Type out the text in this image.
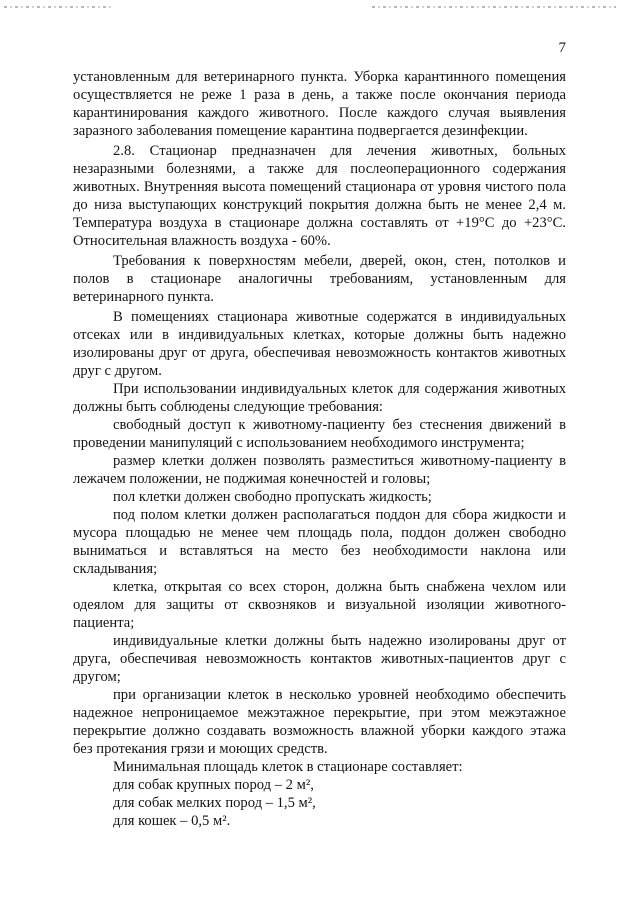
7

установленным для ветеринарного пункта. Уборка карантинного помещения осуществляется не реже 1 раза в день, а также после окончания периода карантинирования каждого животного. После каждого случая выявления заразного заболевания помещение карантина подвергается дезинфекции.

2.8. Стационар предназначен для лечения животных, больных незаразными болезнями, а также для послеоперационного содержания животных. Внутренняя высота помещений стационара от уровня чистого пола до низа выступающих конструкций покрытия должна быть не менее 2,4 м. Температура воздуха в стационаре должна составлять от +19°C до +23°C. Относительная влажность воздуха - 60%.

Требования к поверхностям мебели, дверей, окон, стен, потолков и полов в стационаре аналогичны требованиям, установленным для ветеринарного пункта.

В помещениях стационара животные содержатся в индивидуальных отсеках или в индивидуальных клетках, которые должны быть надежно изолированы друг от друга, обеспечивая невозможность контактов животных друг с другом.

При использовании индивидуальных клеток для содержания животных должны быть соблюдены следующие требования:

свободный доступ к животному-пациенту без стеснения движений в проведении манипуляций с использованием необходимого инструмента;

размер клетки должен позволять разместиться животному-пациенту в лежачем положении, не поджимая конечностей и головы;

пол клетки должен свободно пропускать жидкость;

под полом клетки должен располагаться поддон для сбора жидкости и мусора площадью не менее чем площадь пола, поддон должен свободно выниматься и вставляться на место без необходимости наклона или складывания;

клетка, открытая со всех сторон, должна быть снабжена чехлом или одеялом для защиты от сквозняков и визуальной изоляции животного-пациента;

индивидуальные клетки должны быть надежно изолированы друг от друга, обеспечивая невозможность контактов животных-пациентов друг с другом;

при организации клеток в несколько уровней необходимо обеспечить надежное непроницаемое межэтажное перекрытие, при этом межэтажное перекрытие должно создавать возможность влажной уборки каждого этажа без протекания грязи и моющих средств.

Минимальная площадь клеток в стационаре составляет:

для собак крупных пород – 2 м²,

для собак мелких пород – 1,5 м²,

для кошек – 0,5 м².
